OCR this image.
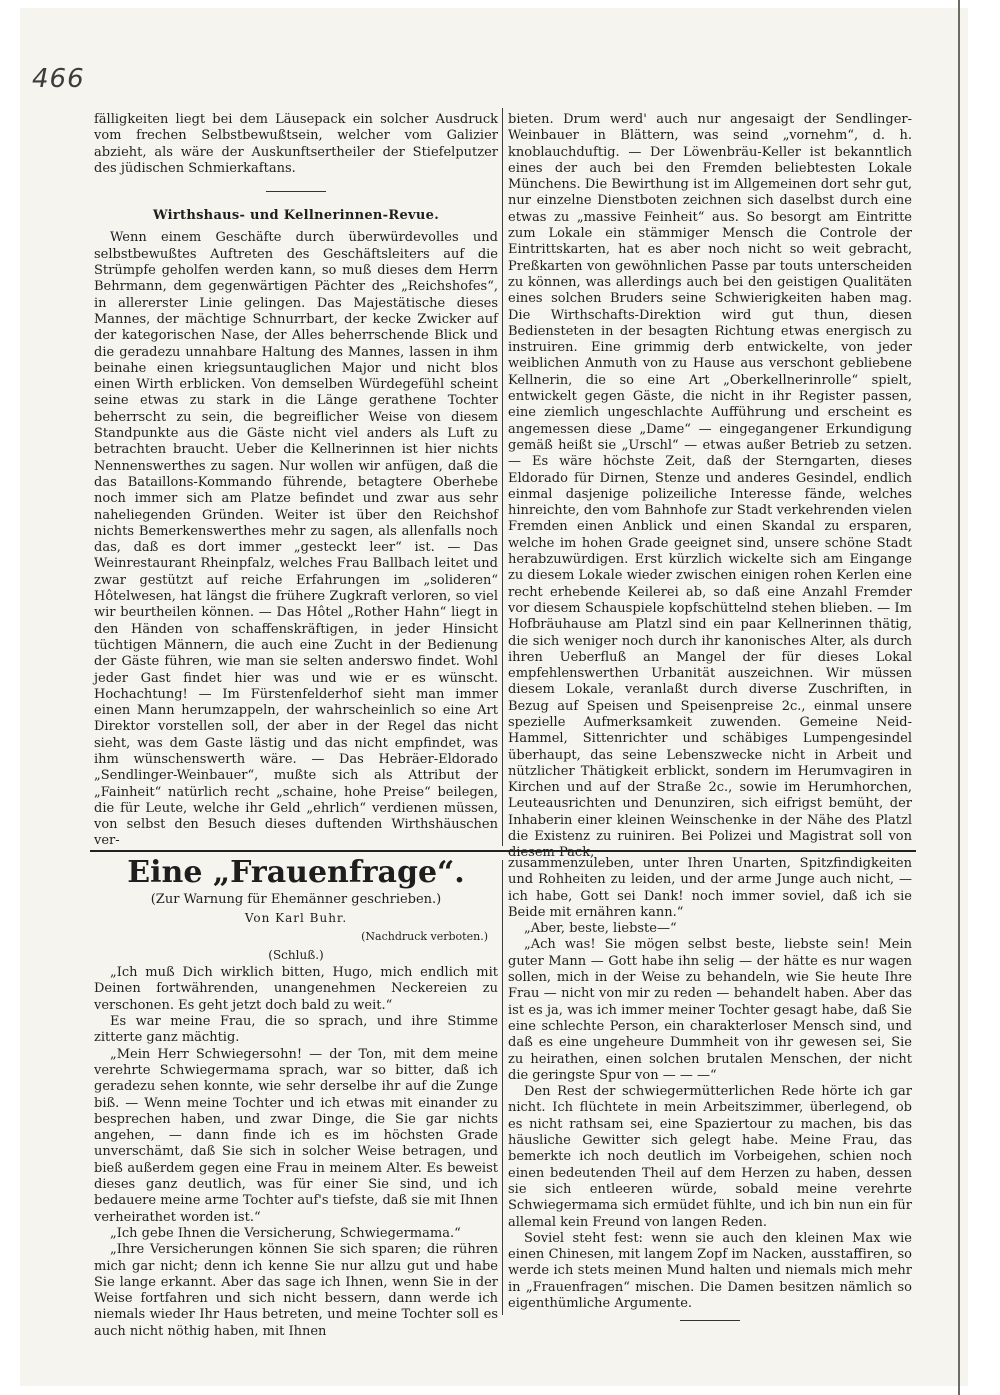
466

fälligkeiten liegt bei dem Läusepack ein solcher Ausdruck vom frechen Selbstbewußtsein, welcher vom Galizier abzieht, als wäre der Auskunftsertheiler der Stiefelputzer des jüdischen Schmierkaftans.

Wirthshaus- und Kellnerinnen-Revue.

Wenn einem Geschäfte durch überwürdevolles und selbstbewußtes Auftreten des Geschäftsleiters auf die Strümpfe geholfen werden kann, so muß dieses dem Herrn Behrmann, dem gegenwärtigen Pächter des „Reichshofes“, in allererster Linie gelingen. Das Majestätische dieses Mannes, der mächtige Schnurrbart, der kecke Zwicker auf der kategorischen Nase, der Alles beherrschende Blick und die geradezu unnahbare Haltung des Mannes, lassen in ihm beinahe einen kriegsuntauglichen Major und nicht blos einen Wirth erblicken. Von demselben Würdegefühl scheint seine etwas zu stark in die Länge gerathene Tochter beherrscht zu sein, die begreiflicher Weise von diesem Standpunkte aus die Gäste nicht viel anders als Luft zu betrachten braucht. Ueber die Kellnerinnen ist hier nichts Nennenswerthes zu sagen. Nur wollen wir anfügen, daß die das Bataillons-Kommando führende, betagtere Oberhebe noch immer sich am Platze befindet und zwar aus sehr naheliegenden Gründen. Weiter ist über den Reichshof nichts Bemerkenswerthes mehr zu sagen, als allenfalls noch das, daß es dort immer „gesteckt leer“ ist. — Das Weinrestaurant Rheinpfalz, welches Frau Ballbach leitet und zwar gestützt auf reiche Erfahrungen im „solideren“ Hôtelwesen, hat längst die frühere Zugkraft verloren, so viel wir beurtheilen können. — Das Hôtel „Rother Hahn“ liegt in den Händen von schaffenskräftigen, in jeder Hinsicht tüchtigen Männern, die auch eine Zucht in der Bedienung der Gäste führen, wie man sie selten anderswo findet. Wohl jeder Gast findet hier was und wie er es wünscht. Hochachtung! — Im Fürstenfelderhof sieht man immer einen Mann herumzappeln, der wahrscheinlich so eine Art Direktor vorstellen soll, der aber in der Regel das nicht sieht, was dem Gaste lästig und das nicht empfindet, was ihm wünschenswerth wäre. — Das Hebräer-Eldorado „Sendlinger-Weinbauer“, mußte sich als Attribut der „Fainheit“ natürlich recht „schaine, hohe Preise“ beilegen, die für Leute, welche ihr Geld „ehrlich“ verdienen müssen, von selbst den Besuch dieses duftenden Wirthshäuschen ver-

bieten. Drum werd' auch nur angesaigt der Sendlinger-Weinbauer in Blättern, was seind „vornehm“, d. h. knoblauchduftig. — Der Löwenbräu-Keller ist bekanntlich eines der auch bei den Fremden beliebtesten Lokale Münchens. Die Bewirthung ist im Allgemeinen dort sehr gut, nur einzelne Dienstboten zeichnen sich daselbst durch eine etwas zu „massive Feinheit“ aus. So besorgt am Eintritte zum Lokale ein stämmiger Mensch die Controle der Eintrittskarten, hat es aber noch nicht so weit gebracht, Preßkarten von gewöhnlichen Passe par touts unterscheiden zu können, was allerdings auch bei den geistigen Qualitäten eines solchen Bruders seine Schwierigkeiten haben mag. Die Wirthschafts-Direktion wird gut thun, diesen Bediensteten in der besagten Richtung etwas energisch zu instruiren. Eine grimmig derb entwickelte, von jeder weiblichen Anmuth von zu Hause aus verschont gebliebene Kellnerin, die so eine Art „Oberkellnerinrolle“ spielt, entwickelt gegen Gäste, die nicht in ihr Register passen, eine ziemlich ungeschlachte Aufführung und erscheint es angemessen diese „Dame“ — eingegangener Erkundigung gemäß heißt sie „Urschl“ — etwas außer Betrieb zu setzen. — Es wäre höchste Zeit, daß der Sterngarten, dieses Eldorado für Dirnen, Stenze und anderes Gesindel, endlich einmal dasjenige polizeiliche Interesse fände, welches hinreichte, den vom Bahnhofe zur Stadt verkehrenden vielen Fremden einen Anblick und einen Skandal zu ersparen, welche im hohen Grade geeignet sind, unsere schöne Stadt herabzuwürdigen. Erst kürzlich wickelte sich am Eingange zu diesem Lokale wieder zwischen einigen rohen Kerlen eine recht erhebende Keilerei ab, so daß eine Anzahl Fremder vor diesem Schauspiele kopfschüttelnd stehen blieben. — Im Hofbräuhause am Platzl sind ein paar Kellnerinnen thätig, die sich weniger noch durch ihr kanonisches Alter, als durch ihren Ueberfluß an Mangel der für dieses Lokal empfehlenswerthen Urbanität auszeichnen. Wir müssen diesem Lokale, veranlaßt durch diverse Zuschriften, in Bezug auf Speisen und Speisenpreise 2c., einmal unsere spezielle Aufmerksamkeit zuwenden. Gemeine Neid-Hammel, Sittenrichter und schäbiges Lumpengesindel überhaupt, das seine Lebenszwecke nicht in Arbeit und nützlicher Thätigkeit erblickt, sondern im Herumvagiren in Kirchen und auf der Straße 2c., sowie im Herumhorchen, Leuteausrichten und Denunziren, sich eifrigst bemüht, der Inhaberin einer kleinen Weinschenke in der Nähe des Platzl die Existenz zu ruiniren. Bei Polizei und Magistrat soll von diesem Pack,

Eine „Frauenfrage“.
(Zur Warnung für Ehemänner geschrieben.)
Von Karl Buhr.
(Nachdruck verboten.)
(Schluß.)

„Ich muß Dich wirklich bitten, Hugo, mich endlich mit Deinen fortwährenden, unangenehmen Neckereien zu verschonen. Es geht jetzt doch bald zu weit.“

Es war meine Frau, die so sprach, und ihre Stimme zitterte ganz mächtig.

„Mein Herr Schwiegersohn! — der Ton, mit dem meine verehrte Schwiegermama sprach, war so bitter, daß ich geradezu sehen konnte, wie sehr derselbe ihr auf die Zunge biß. — Wenn meine Tochter und ich etwas mit einander zu besprechen haben, und zwar Dinge, die Sie gar nichts angehen, — dann finde ich es im höchsten Grade unverschämt, daß Sie sich in solcher Weise betragen, und bieß außerdem gegen eine Frau in meinem Alter. Es beweist dieses ganz deutlich, was für einer Sie sind, und ich bedauere meine arme Tochter auf's tiefste, daß sie mit Ihnen verheirathet worden ist.“

„Ich gebe Ihnen die Versicherung, Schwiegermama.“

„Ihre Versicherungen können Sie sich sparen; die rühren mich gar nicht; denn ich kenne Sie nur allzu gut und habe Sie lange erkannt. Aber das sage ich Ihnen, wenn Sie in der Weise fortfahren und sich nicht bessern, dann werde ich niemals wieder Ihr Haus betreten, und meine Tochter soll es auch nicht nöthig haben, mit Ihnen

zusammenzuleben, unter Ihren Unarten, Spitzfindigkeiten und Rohheiten zu leiden, und der arme Junge auch nicht, — ich habe, Gott sei Dank! noch immer soviel, daß ich sie Beide mit ernähren kann.“

„Aber, beste, liebste—“

„Ach was! Sie mögen selbst beste, liebste sein! Mein guter Mann — Gott habe ihn selig — der hätte es nur wagen sollen, mich in der Weise zu behandeln, wie Sie heute Ihre Frau — nicht von mir zu reden — behandelt haben. Aber das ist es ja, was ich immer meiner Tochter gesagt habe, daß Sie eine schlechte Person, ein charakterloser Mensch sind, und daß es eine ungeheure Dummheit von ihr gewesen sei, Sie zu heirathen, einen solchen brutalen Menschen, der nicht die geringste Spur von — — —“

Den Rest der schwiegermütterlichen Rede hörte ich gar nicht. Ich flüchtete in mein Arbeitszimmer, überlegend, ob es nicht rathsam sei, eine Spaziertour zu machen, bis das häusliche Gewitter sich gelegt habe. Meine Frau, das bemerkte ich noch deutlich im Vorbeigehen, schien noch einen bedeutenden Theil auf dem Herzen zu haben, dessen sie sich entleeren würde, sobald meine verehrte Schwiegermama sich ermüdet fühlte, und ich bin nun ein für allemal kein Freund von langen Reden.

Soviel steht fest: wenn sie auch den kleinen Max wie einen Chinesen, mit langem Zopf im Nacken, ausstaffiren, so werde ich stets meinen Mund halten und niemals mich mehr in „Frauenfragen“ mischen. Die Damen besitzen nämlich so eigenthümliche Argumente.
